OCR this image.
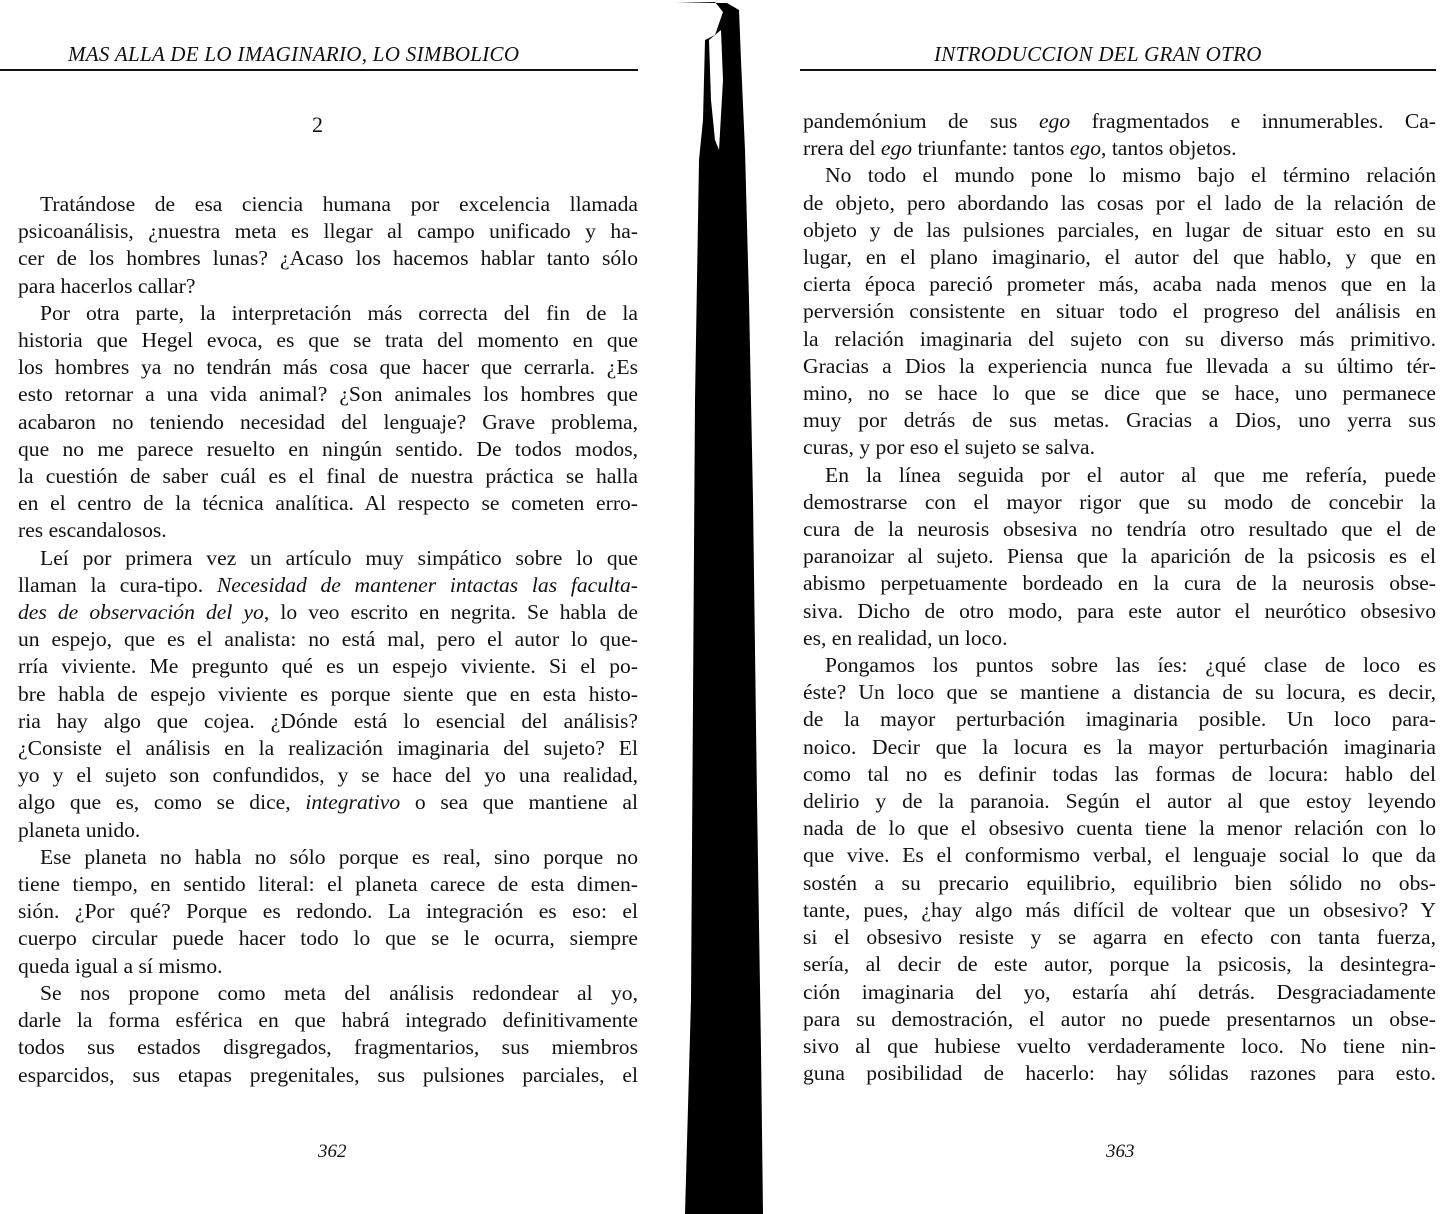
MAS ALLA DE LO IMAGINARIO, LO SIMBOLICO
2
Tratándose de esa ciencia humana por excelencia llamada
psicoanálisis, ¿nuestra meta es llegar al campo unificado y ha-
cer de los hombres lunas? ¿Acaso los hacemos hablar tanto sólo
para hacerlos callar?
Por otra parte, la interpretación más correcta del fin de la
historia que Hegel evoca, es que se trata del momento en que
los hombres ya no tendrán más cosa que hacer que cerrarla. ¿Es
esto retornar a una vida animal? ¿Son animales los hombres que
acabaron no teniendo necesidad del lenguaje? Grave problema,
que no me parece resuelto en ningún sentido. De todos modos,
la cuestión de saber cuál es el final de nuestra práctica se halla
en el centro de la técnica analítica. Al respecto se cometen erro-
res escandalosos.
Leí por primera vez un artículo muy simpático sobre lo que
llaman la cura-tipo. Necesidad de mantener intactas las faculta-
des de observación del yo, lo veo escrito en negrita. Se habla de
un espejo, que es el analista: no está mal, pero el autor lo que-
rría viviente. Me pregunto qué es un espejo viviente. Si el po-
bre habla de espejo viviente es porque siente que en esta histo-
ria hay algo que cojea. ¿Dónde está lo esencial del análisis?
¿Consiste el análisis en la realización imaginaria del sujeto? El
yo y el sujeto son confundidos, y se hace del yo una realidad,
algo que es, como se dice, integrativo o sea que mantiene al
planeta unido.
Ese planeta no habla no sólo porque es real, sino porque no
tiene tiempo, en sentido literal: el planeta carece de esta dimen-
sión. ¿Por qué? Porque es redondo. La integración es eso: el
cuerpo circular puede hacer todo lo que se le ocurra, siempre
queda igual a sí mismo.
Se nos propone como meta del análisis redondear al yo,
darle la forma esférica en que habrá integrado definitivamente
todos sus estados disgregados, fragmentarios, sus miembros
esparcidos, sus etapas pregenitales, sus pulsiones parciales, el
362
INTRODUCCION DEL GRAN OTRO
pandemónium de sus ego fragmentados e innumerables. Ca-
rrera del ego triunfante: tantos ego, tantos objetos.
No todo el mundo pone lo mismo bajo el término relación
de objeto, pero abordando las cosas por el lado de la relación de
objeto y de las pulsiones parciales, en lugar de situar esto en su
lugar, en el plano imaginario, el autor del que hablo, y que en
cierta época pareció prometer más, acaba nada menos que en la
perversión consistente en situar todo el progreso del análisis en
la relación imaginaria del sujeto con su diverso más primitivo.
Gracias a Dios la experiencia nunca fue llevada a su último tér-
mino, no se hace lo que se dice que se hace, uno permanece
muy por detrás de sus metas. Gracias a Dios, uno yerra sus
curas, y por eso el sujeto se salva.
En la línea seguida por el autor al que me refería, puede
demostrarse con el mayor rigor que su modo de concebir la
cura de la neurosis obsesiva no tendría otro resultado que el de
paranoizar al sujeto. Piensa que la aparición de la psicosis es el
abismo perpetuamente bordeado en la cura de la neurosis obse-
siva. Dicho de otro modo, para este autor el neurótico obsesivo
es, en realidad, un loco.
Pongamos los puntos sobre las íes: ¿qué clase de loco es
éste? Un loco que se mantiene a distancia de su locura, es decir,
de la mayor perturbación imaginaria posible. Un loco para-
noico. Decir que la locura es la mayor perturbación imaginaria
como tal no es definir todas las formas de locura: hablo del
delirio y de la paranoia. Según el autor al que estoy leyendo
nada de lo que el obsesivo cuenta tiene la menor relación con lo
que vive. Es el conformismo verbal, el lenguaje social lo que da
sostén a su precario equilibrio, equilibrio bien sólido no obs-
tante, pues, ¿hay algo más difícil de voltear que un obsesivo? Y
si el obsesivo resiste y se agarra en efecto con tanta fuerza,
sería, al decir de este autor, porque la psicosis, la desintegra-
ción imaginaria del yo, estaría ahí detrás. Desgraciadamente
para su demostración, el autor no puede presentarnos un obse-
sivo al que hubiese vuelto verdaderamente loco. No tiene nin-
guna posibilidad de hacerlo: hay sólidas razones para esto.
363
